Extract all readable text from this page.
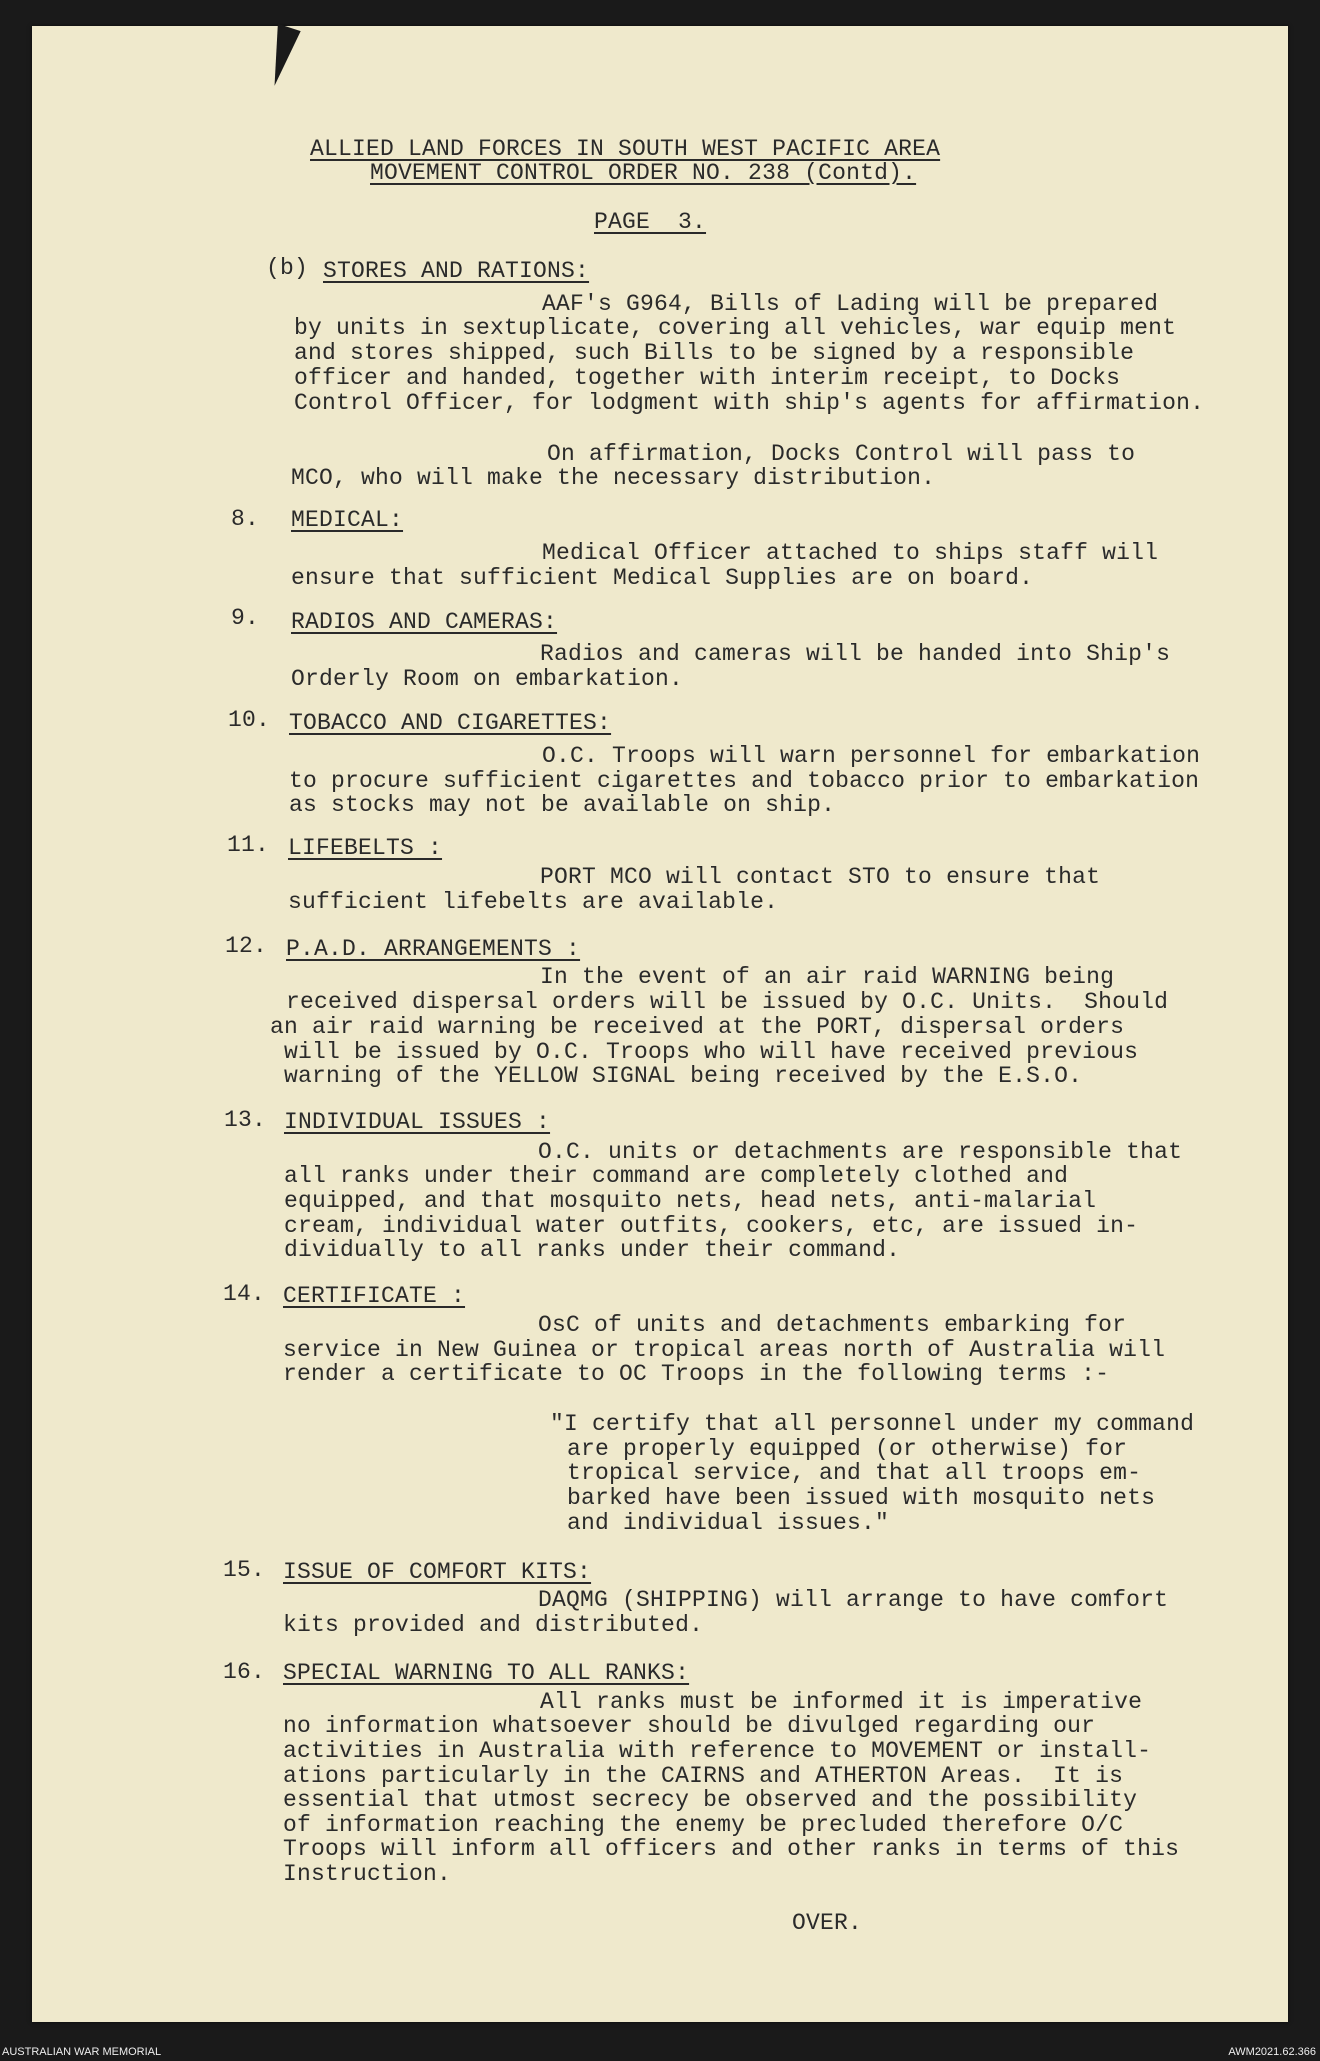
ALLIED LAND FORCES IN SOUTH WEST PACIFIC AREA
MOVEMENT CONTROL ORDER NO. 238 (Contd).
PAGE  3.
(b) STORES AND RATIONS:
AAF's G964, Bills of Lading will be prepared
by units in sextuplicate, covering all vehicles, war equip ment
and stores shipped, such Bills to be signed by a responsible
officer and handed, together with interim receipt, to Docks
Control Officer, for lodgment with ship's agents for affirmation.
On affirmation, Docks Control will pass to
MCO, who will make the necessary distribution.
8. MEDICAL:
Medical Officer attached to ships staff will
ensure that sufficient Medical Supplies are on board.
9. RADIOS AND CAMERAS:
Radios and cameras will be handed into Ship's
Orderly Room on embarkation.
10. TOBACCO AND CIGARETTES:
O.C. Troops will warn personnel for embarkation
to procure sufficient cigarettes and tobacco prior to embarkation
as stocks may not be available on ship.
11. LIFEBELTS :
PORT MCO will contact STO to ensure that
sufficient lifebelts are available.
12. P.A.D. ARRANGEMENTS :
In the event of an air raid WARNING being
received dispersal orders will be issued by O.C. Units.  Should
an air raid warning be received at the PORT, dispersal orders
will be issued by O.C. Troops who will have received previous
warning of the YELLOW SIGNAL being received by the E.S.O.
13. INDIVIDUAL ISSUES :
O.C. units or detachments are responsible that
all ranks under their command are completely clothed and
equipped, and that mosquito nets, head nets, anti-malarial
cream, individual water outfits, cookers, etc, are issued in-
dividually to all ranks under their command.
14. CERTIFICATE :
OsC of units and detachments embarking for
service in New Guinea or tropical areas north of Australia will
render a certificate to OC Troops in the following terms :-
"I certify that all personnel under my command
are properly equipped (or otherwise) for
tropical service, and that all troops em-
barked have been issued with mosquito nets
and individual issues."
15. ISSUE OF COMFORT KITS:
DAQMG (SHIPPING) will arrange to have comfort
kits provided and distributed.
16. SPECIAL WARNING TO ALL RANKS:
All ranks must be informed it is imperative
no information whatsoever should be divulged regarding our
activities in Australia with reference to MOVEMENT or install-
ations particularly in the CAIRNS and ATHERTON Areas.  It is
essential that utmost secrecy be observed and the possibility
of information reaching the enemy be precluded therefore O/C
Troops will inform all officers and other ranks in terms of this
Instruction.
OVER.
AUSTRALIAN WAR MEMORIAL	AWM2021.62.366
